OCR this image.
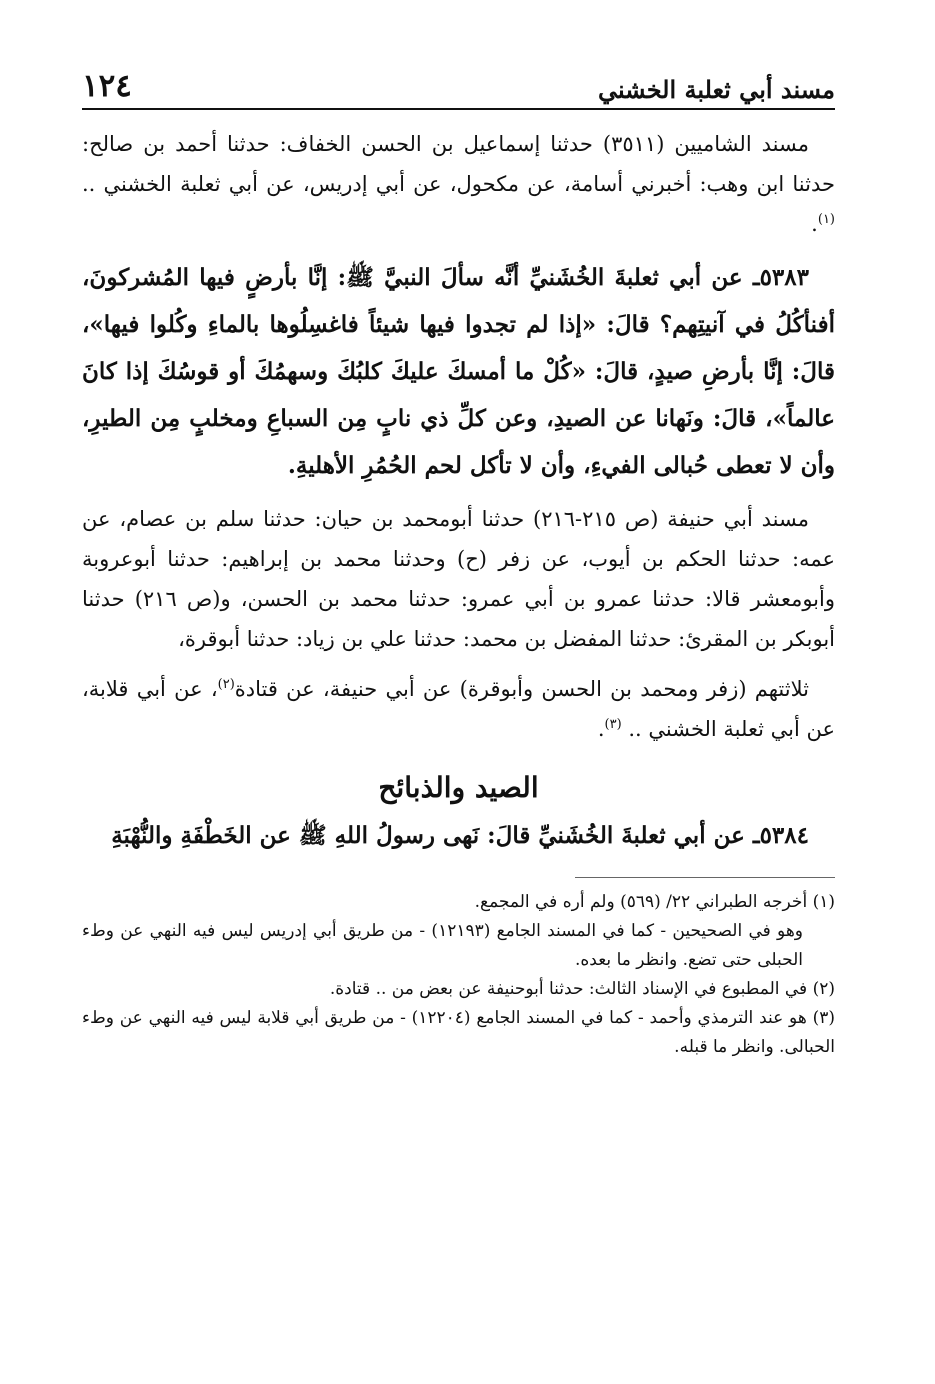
مسند أبي ثعلبة الخشني
١٢٤

مسند الشاميين (٣٥١١) حدثنا إسماعيل بن الحسن الخفاف: حدثنا أحمد بن صالح: حدثنا ابن وهب: أخبرني أسامة، عن مكحول، عن أبي إدريس، عن أبي ثعلبة الخشني .. $^{(١)}$.

٥٣٨٣ـ عن أبي ثعلبةَ الخُشَنيِّ أنَّه سألَ النبيَّ ﷺ: إنَّا بأرضٍ فيها المُشركونَ، أفنأكُلُ في آنيتِهم؟ قالَ: «إذا لم تجدوا فيها شيئاً فاغسِلُوها بالماءِ وكُلوا فيها»، قالَ: إنَّا بأرضِ صيدٍ، قالَ: «كُلْ ما أمسكَ عليكَ كلبُكَ وسهمُكَ أو قوسُكَ إذا كانَ عالماً»، قالَ: ونَهانا عن الصيدِ، وعن كلِّ ذي نابٍ مِن السباعِ ومخلبٍ مِن الطيرِ، وأن لا تعطى حُبالى الفيءِ، وأن لا تأكل لحم الحُمُرِ الأهليةِ.

مسند أبي حنيفة (ص ٢١٥-٢١٦) حدثنا أبومحمد بن حيان: حدثنا سلم بن عصام، عن عمه: حدثنا الحكم بن أيوب، عن زفر (ح) وحدثنا محمد بن إبراهيم: حدثنا أبوعروبة وأبومعشر قالا: حدثنا عمرو بن أبي عمرو: حدثنا محمد بن الحسن، و(ص ٢١٦) حدثنا أبوبكر بن المقرئ: حدثنا المفضل بن محمد: حدثنا علي بن زياد: حدثنا أبوقرة،

ثلاثتهم (زفر ومحمد بن الحسن وأبوقرة) عن أبي حنيفة، عن قتادة$^{(٢)}$، عن أبي قلابة، عن أبي ثعلبة الخشني .. $^{(٣)}$.

الصيد والذبائح

٥٣٨٤ـ عن أبي ثعلبةَ الخُشَنيِّ قالَ: نَهى رسولُ اللهِ ﷺ عن الخَطْفَةِ والنُّهْبَةِ

(١) أخرجه الطبراني ٢٢/ (٥٦٩) ولم أره في المجمع.

وهو في الصحيحين - كما في المسند الجامع (١٢١٩٣) - من طريق أبي إدريس ليس فيه النهي عن وطء الحبلى حتى تضع. وانظر ما بعده.

(٢) في المطبوع في الإسناد الثالث: حدثنا أبوحنيفة عن بعض من .. قتادة.

(٣) هو عند الترمذي وأحمد - كما في المسند الجامع (١٢٢٠٤) - من طريق أبي قلابة ليس فيه النهي عن وطء الحبالى. وانظر ما قبله.
